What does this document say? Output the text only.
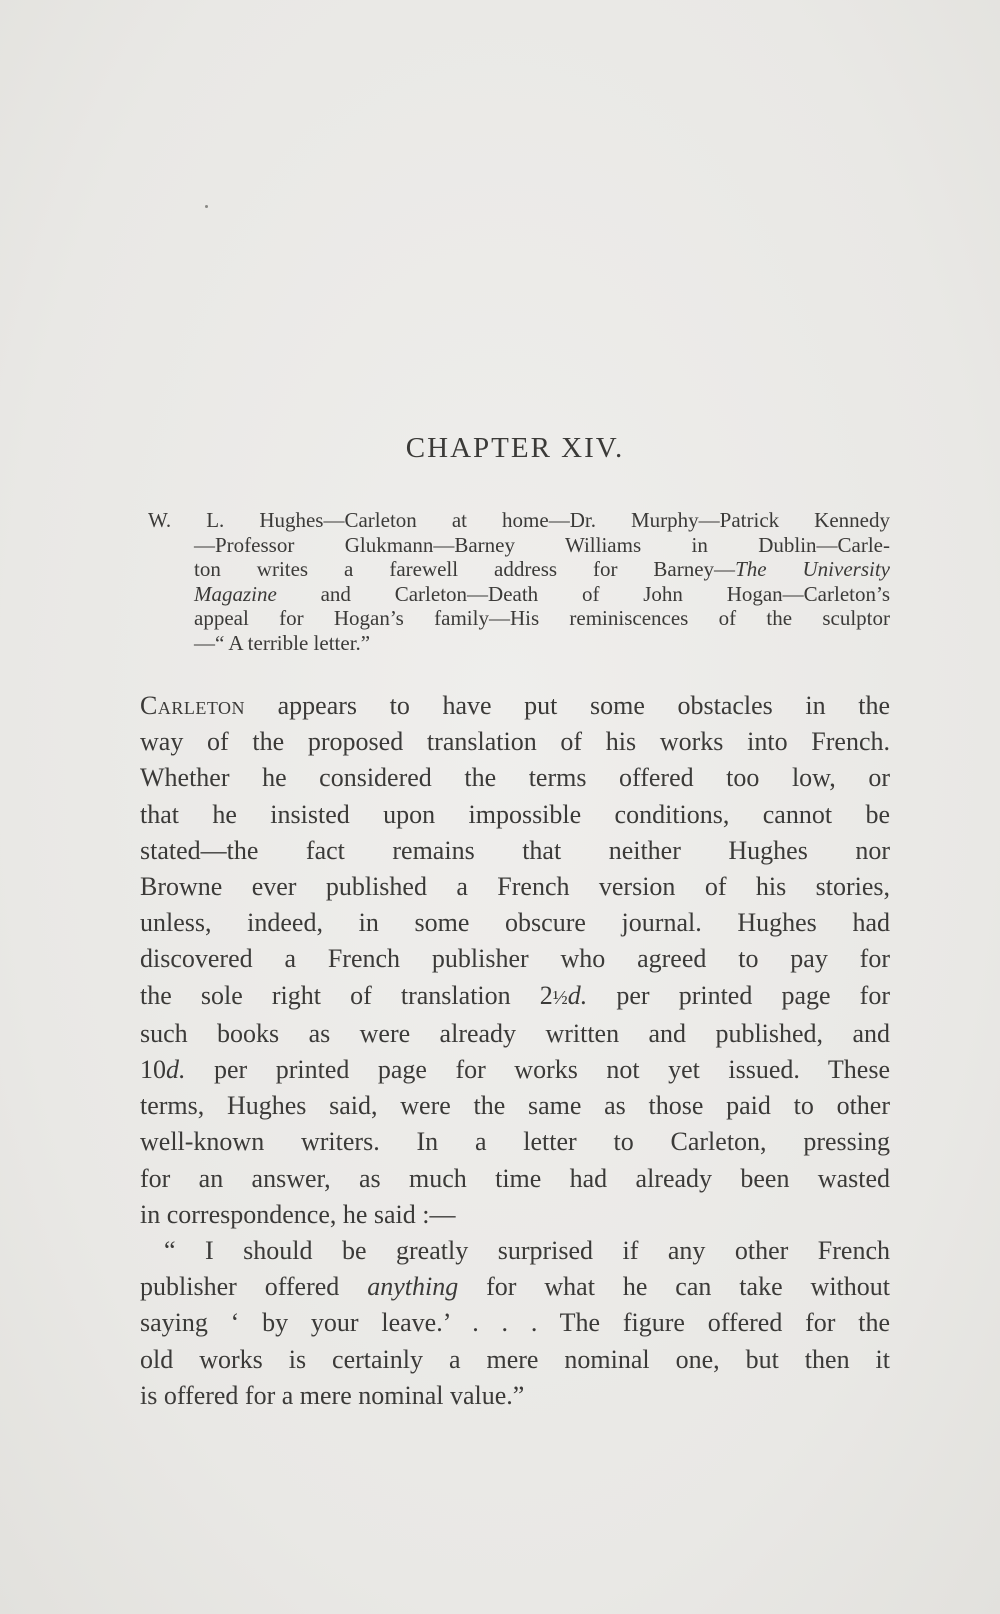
CHAPTER XIV.
W. L. Hughes—Carleton at home—Dr. Murphy—Patrick Kennedy
—Professor Glukmann—Barney Williams in Dublin—Carle-
ton writes a farewell address for Barney—The University
Magazine and Carleton—Death of John Hogan—Carleton’s
appeal for Hogan’s family—His reminiscences of the sculptor
—“ A terrible letter.”
Carleton appears to have put some obstacles in the
way of the proposed translation of his works into French.
Whether he considered the terms offered too low, or
that he insisted upon impossible conditions, cannot be
stated—the fact remains that neither Hughes nor
Browne ever published a French version of his stories,
unless, indeed, in some obscure journal. Hughes had
discovered a French publisher who agreed to pay for
the sole right of translation 2½d. per printed page for
such books as were already written and published, and
10d. per printed page for works not yet issued. These
terms, Hughes said, were the same as those paid to other
well-known writers. In a letter to Carleton, pressing
for an answer, as much time had already been wasted
in correspondence, he said :—
“ I should be greatly surprised if any other French
publisher offered anything for what he can take without
saying ‘ by your leave.’ . . . The figure offered for the
old works is certainly a mere nominal one, but then it
is offered for a mere nominal value.”
